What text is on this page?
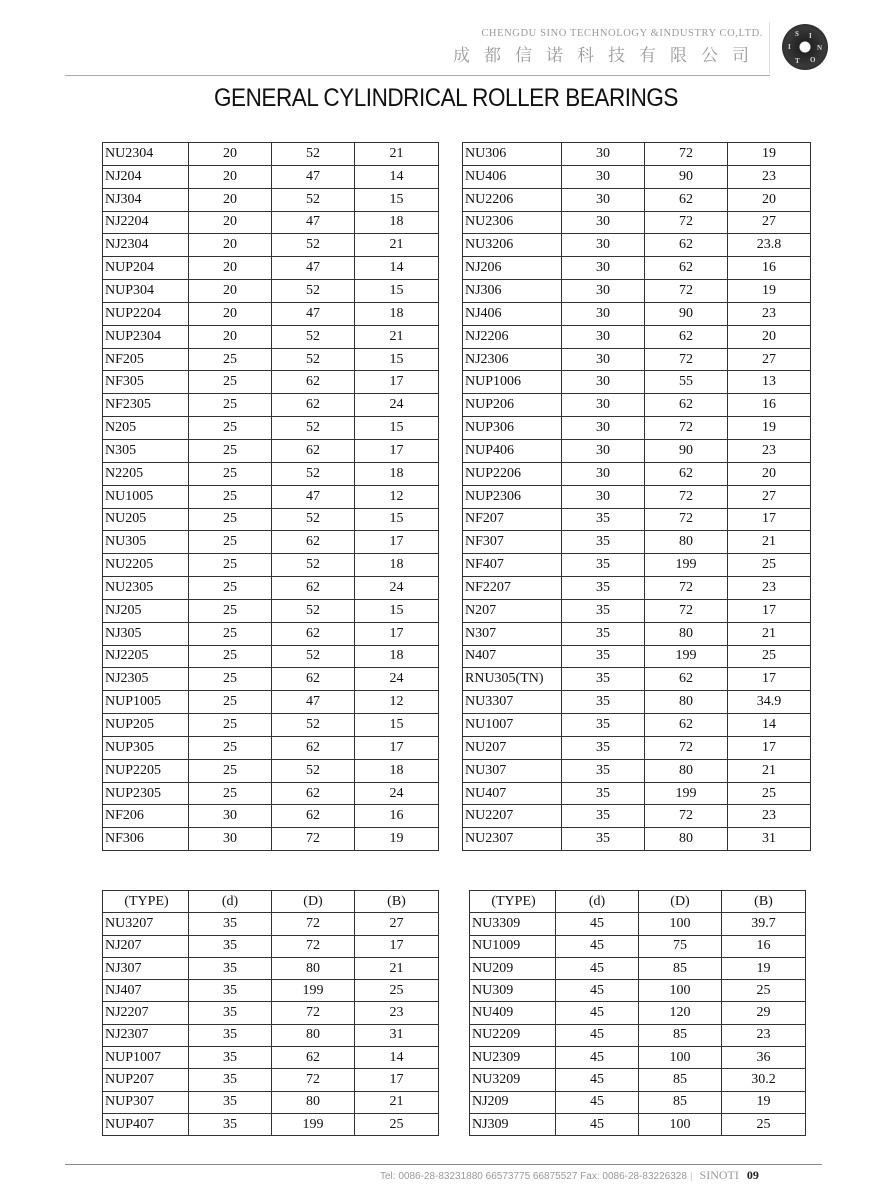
CHENGDU SINO TECHNOLOGY &INDUSTRY CO,LTD.
成都信诺科技有限公司
S I
N
O
T
I
GENERAL CYLINDRICAL ROLLER BEARINGS
NU2304	20	52	21
NJ204	20	47	14
NJ304	20	52	15
NJ2204	20	47	18
NJ2304	20	52	21
NUP204	20	47	14
NUP304	20	52	15
NUP2204	20	47	18
NUP2304	20	52	21
NF205	25	52	15
NF305	25	62	17
NF2305	25	62	24
N205	25	52	15
N305	25	62	17
N2205	25	52	18
NU1005	25	47	12
NU205	25	52	15
NU305	25	62	17
NU2205	25	52	18
NU2305	25	62	24
NJ205	25	52	15
NJ305	25	62	17
NJ2205	25	52	18
NJ2305	25	62	24
NUP1005	25	47	12
NUP205	25	52	15
NUP305	25	62	17
NUP2205	25	52	18
NUP2305	25	62	24
NF206	30	62	16
NF306	30	72	19
NU306	30	72	19
NU406	30	90	23
NU2206	30	62	20
NU2306	30	72	27
NU3206	30	62	23.8
NJ206	30	62	16
NJ306	30	72	19
NJ406	30	90	23
NJ2206	30	62	20
NJ2306	30	72	27
NUP1006	30	55	13
NUP206	30	62	16
NUP306	30	72	19
NUP406	30	90	23
NUP2206	30	62	20
NUP2306	30	72	27
NF207	35	72	17
NF307	35	80	21
NF407	35	199	25
NF2207	35	72	23
N207	35	72	17
N307	35	80	21
N407	35	199	25
RNU305(TN)	35	62	17
NU3307	35	80	34.9
NU1007	35	62	14
NU207	35	72	17
NU307	35	80	21
NU407	35	199	25
NU2207	35	72	23
NU2307	35	80	31
(TYPE)	(d)	(D)	(B)
NU3207	35	72	27
NJ207	35	72	17
NJ307	35	80	21
NJ407	35	199	25
NJ2207	35	72	23
NJ2307	35	80	31
NUP1007	35	62	14
NUP207	35	72	17
NUP307	35	80	21
NUP407	35	199	25
(TYPE)	(d)	(D)	(B)
NU3309	45	100	39.7
NU1009	45	75	16
NU209	45	85	19
NU309	45	100	25
NU409	45	120	29
NU2209	45	85	23
NU2309	45	100	36
NU3209	45	85	30.2
NJ209	45	85	19
NJ309	45	100	25
Tel: 0086-28-83231880 66573775 66875527 Fax: 0086-28-83226328 | SINOTI 09
